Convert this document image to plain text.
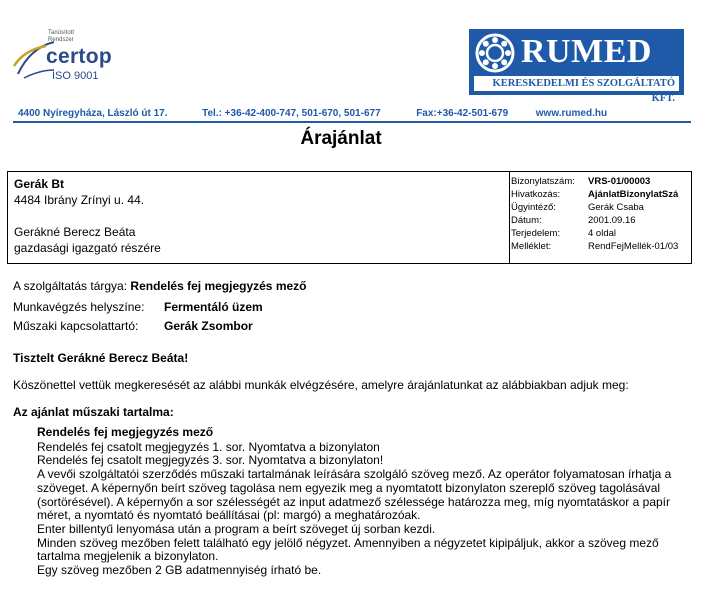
Tanúsított
Rendszer
certop
ISO 9001
RUMED
KERESKEDELMI ÉS SZOLGÁLTATÓ KFT.
4400 Nyíregyháza, László út 17.	Tel.: +36-42-400-747, 501-670, 501-677	Fax:+36-42-501-679	www.rumed.hu
Árajánlat
Gerák Bt
4484 Ibrány Zrínyi u. 44.
Gerákné Berecz Beáta
gazdasági igazgató részére
Bizonylatszám:	VRS-01/00003
Hivatkozás:	AjánlatBizonylatSzá
Ügyintéző:	Gerák Csaba
Dátum:	2001.09.16
Terjedelem:	4 oldal
Melléklet:	RendFejMellék-01/03
A szolgáltatás tárgya: Rendelés fej megjegyzés mező
Munkavégzés helyszíne: Fermentáló üzem
Műszaki kapcsolattartó: Gerák Zsombor
Tisztelt Gerákné Berecz Beáta!
Köszönettel vettük megkeresését az alábbi munkák elvégzésére, amelyre árajánlatunkat az alábbiakban adjuk meg:
Az ajánlat műszaki tartalma:
Rendelés fej megjegyzés mező

Rendelés fej csatolt megjegyzés 1. sor. Nyomtatva a bizonylaton

Rendelés fej csatolt megjegyzés 3. sor. Nyomtatva a bizonylaton!

A vevői szolgáltatói szerződés műszaki tartalmának leírására szolgáló szöveg mező. Az operátor folyamatosan írhatja a szöveget. A képernyőn beírt szöveg tagolása nem egyezik meg a nyomtatott bizonylaton szereplő szöveg tagolásával (sortörésével). A képernyőn a sor szélességét az input adatmező szélessége határozza meg, míg nyomtatáskor a papír méret, a nyomtató és nyomtató beállításai (pl: margó) a meghatározóak.

Enter billentyű lenyomása után a program a beírt szöveget új sorban kezdi.

Minden szöveg mezőben felett található egy jelölő négyzet. Amennyiben a négyzetet kipipáljuk, akkor a szöveg mező tartalma megjelenik a bizonylaton.

Egy szöveg mezőben 2 GB adatmennyiség írható be.
